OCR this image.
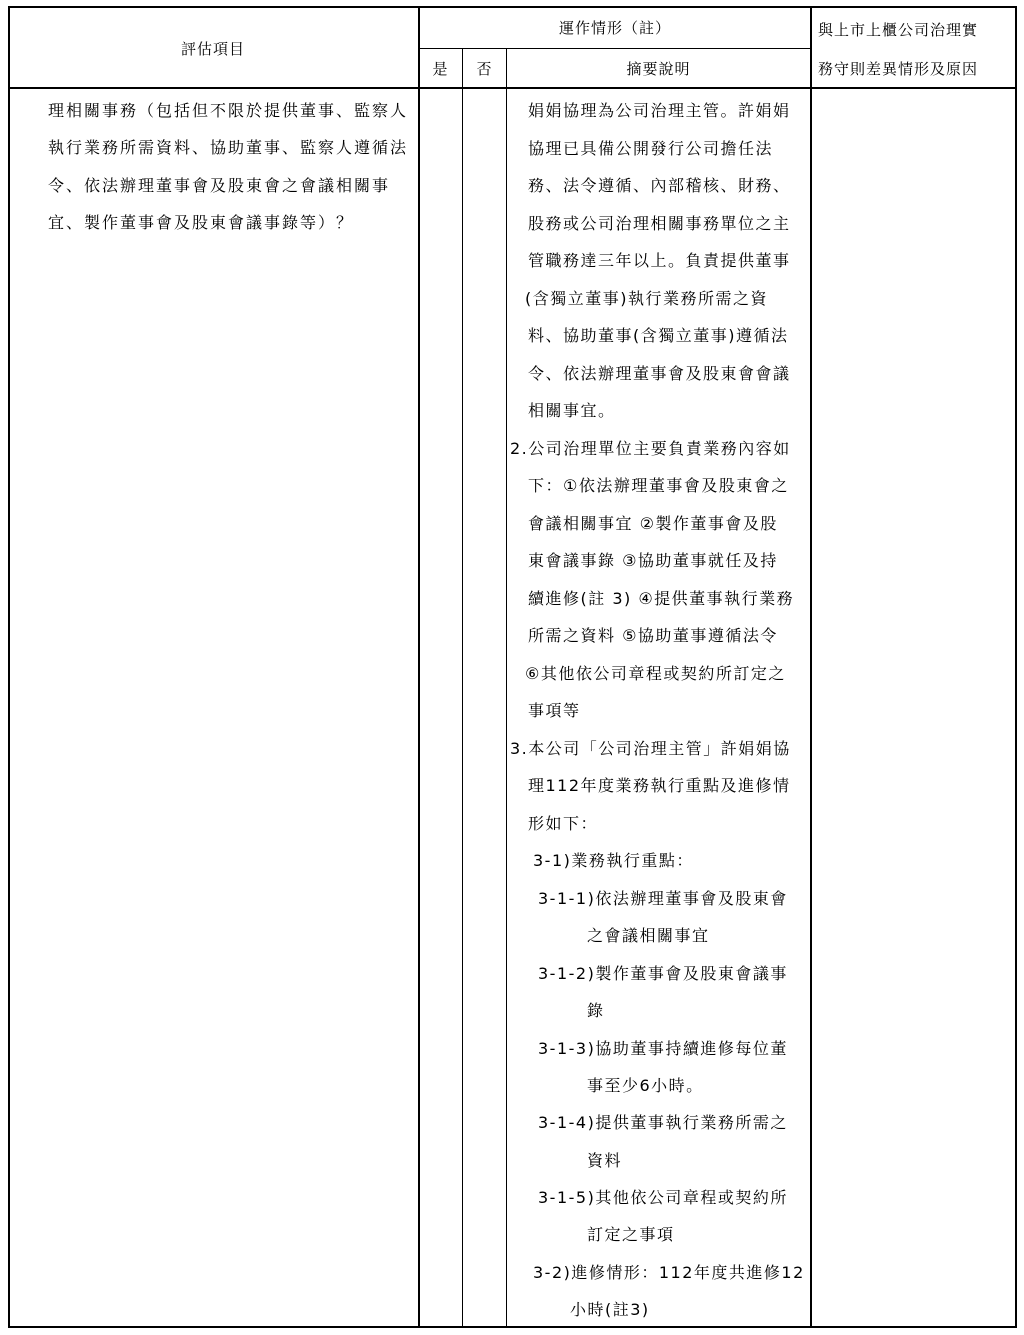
評估項目
運作情形（註）
是	否	摘要說明
與上市上櫃公司治理實
務守則差異情形及原因
理相關事務（包括但不限於提供董事、監察人
執行業務所需資料、協助董事、監察人遵循法
令、依法辦理董事會及股東會之會議相關事
宜、製作董事會及股東會議事錄等）？
娟娟協理為公司治理主管。許娟娟
協理已具備公開發行公司擔任法
務、法令遵循、內部稽核、財務、
股務或公司治理相關事務單位之主
管職務達三年以上。負責提供董事
(含獨立董事)執行業務所需之資
料、協助董事(含獨立董事)遵循法
令、依法辦理董事會及股東會會議
相關事宜。
2.公司治理單位主要負責業務內容如
下：①依法辦理董事會及股東會之
會議相關事宜 ②製作董事會及股
東會議事錄 ③協助董事就任及持
續進修(註 3) ④提供董事執行業務
所需之資料 ⑤協助董事遵循法令
⑥其他依公司章程或契約所訂定之
事項等
3.本公司「公司治理主管」許娟娟協
理112年度業務執行重點及進修情
形如下：
3-1)業務執行重點：
3-1-1)依法辦理董事會及股東會
之會議相關事宜
3-1-2)製作董事會及股東會議事
錄
3-1-3)協助董事持續進修每位董
事至少6小時。
3-1-4)提供董事執行業務所需之
資料
3-1-5)其他依公司章程或契約所
訂定之事項
3-2)進修情形：112年度共進修12
小時(註3)
